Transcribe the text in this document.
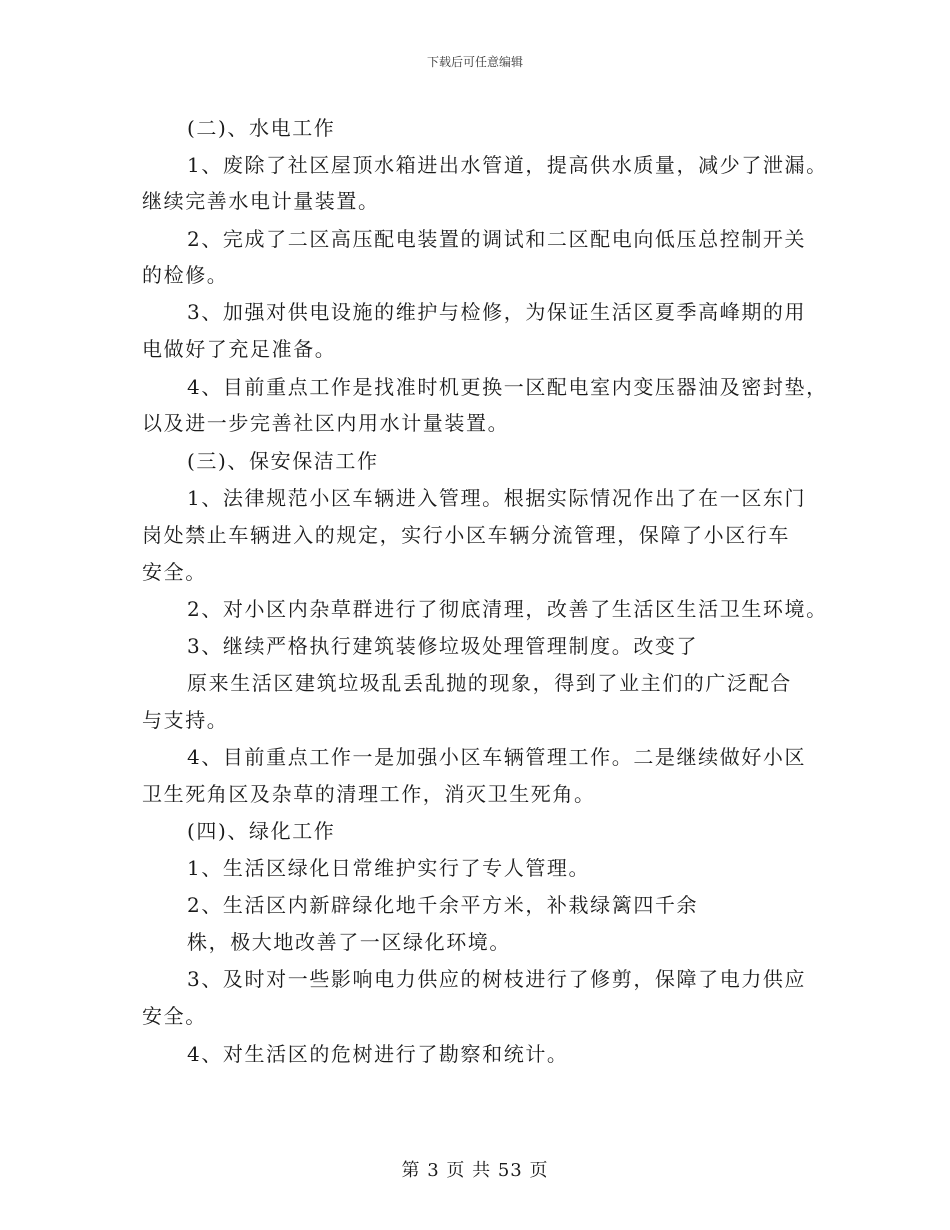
下载后可任意编辑
(二)、水电工作
1、废除了社区屋顶水箱进出水管道，提高供水质量，减少了泄漏。
继续完善水电计量装置。
2、完成了二区高压配电装置的调试和二区配电向低压总控制开关
的检修。
3、加强对供电设施的维护与检修，为保证生活区夏季高峰期的用
电做好了充足准备。
4、目前重点工作是找准时机更换一区配电室内变压器油及密封垫，
以及进一步完善社区内用水计量装置。
(三)、保安保洁工作
1、法律规范小区车辆进入管理。根据实际情况作出了在一区东门
岗处禁止车辆进入的规定，实行小区车辆分流管理，保障了小区行车
安全。
2、对小区内杂草群进行了彻底清理，改善了生活区生活卫生环境。
3、继续严格执行建筑装修垃圾处理管理制度。改变了
原来生活区建筑垃圾乱丢乱抛的现象，得到了业主们的广泛配合
与支持。
4、目前重点工作一是加强小区车辆管理工作。二是继续做好小区
卫生死角区及杂草的清理工作，消灭卫生死角。
(四)、绿化工作
1、生活区绿化日常维护实行了专人管理。
2、生活区内新辟绿化地千余平方米，补栽绿篱四千余
株，极大地改善了一区绿化环境。
3、及时对一些影响电力供应的树枝进行了修剪，保障了电力供应
安全。
4、对生活区的危树进行了勘察和统计。
第 3 页 共 53 页
